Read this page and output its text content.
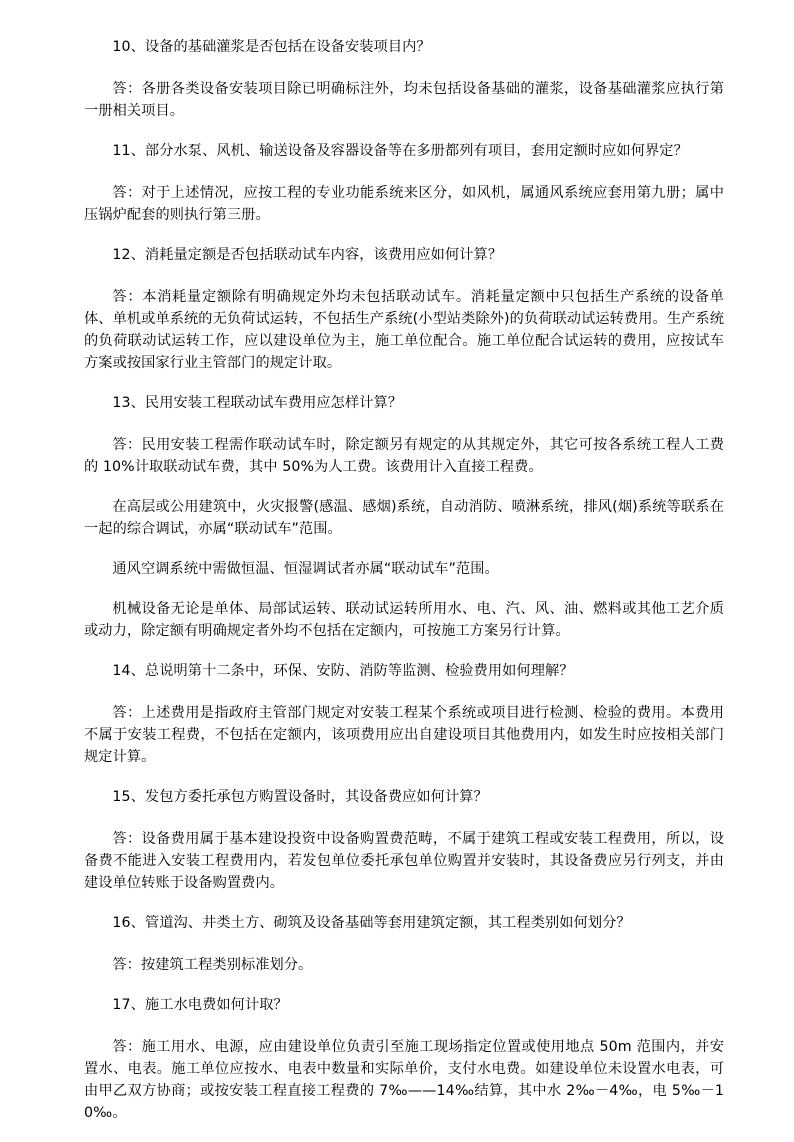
10、设备的基础灌浆是否包括在设备安装项目内？

答：各册各类设备安装项目除已明确标注外，均未包括设备基础的灌浆，设备基础灌浆应执行第一册相关项目。

11、部分水泵、风机、输送设备及容器设备等在多册都列有项目，套用定额时应如何界定？

答：对于上述情况，应按工程的专业功能系统来区分，如风机，属通风系统应套用第九册；属中压锅炉配套的则执行第三册。

12、消耗量定额是否包括联动试车内容，该费用应如何计算？

答：本消耗量定额除有明确规定外均未包括联动试车。消耗量定额中只包括生产系统的设备单体、单机或单系统的无负荷试运转，不包括生产系统(小型站类除外)的负荷联动试运转费用。生产系统的负荷联动试运转工作，应以建设单位为主，施工单位配合。施工单位配合试运转的费用，应按试车方案或按国家行业主管部门的规定计取。

13、民用安装工程联动试车费用应怎样计算？

答：民用安装工程需作联动试车时，除定额另有规定的从其规定外，其它可按各系统工程人工费的 10%计取联动试车费，其中 50%为人工费。该费用计入直接工程费。

在高层或公用建筑中，火灾报警(感温、感烟)系统，自动消防、喷淋系统，排风(烟)系统等联系在一起的综合调试，亦属“联动试车”范围。

通风空调系统中需做恒温、恒湿调试者亦属“联动试车”范围。

机械设备无论是单体、局部试运转、联动试运转所用水、电、汽、风、油、燃料或其他工艺介质或动力，除定额有明确规定者外均不包括在定额内，可按施工方案另行计算。

14、总说明第十二条中，环保、安防、消防等监测、检验费用如何理解？

答：上述费用是指政府主管部门规定对安装工程某个系统或项目进行检测、检验的费用。本费用不属于安装工程费，不包括在定额内，该项费用应出自建设项目其他费用内，如发生时应按相关部门规定计算。

15、发包方委托承包方购置设备时，其设备费应如何计算？

答：设备费用属于基本建设投资中设备购置费范畴，不属于建筑工程或安装工程费用，所以，设备费不能进入安装工程费用内，若发包单位委托承包单位购置并安装时，其设备费应另行列支，并由建设单位转账于设备购置费内。

16、管道沟、井类土方、砌筑及设备基础等套用建筑定额，其工程类别如何划分？

答：按建筑工程类别标准划分。

17、施工水电费如何计取？

答：施工用水、电源，应由建设单位负责引至施工现场指定位置或使用地点 50m 范围内，并安置水、电表。施工单位应按水、电表中数量和实际单价，支付水电费。如建设单位未设置水电表，可由甲乙双方协商；或按安装工程直接工程费的 7‰——14‰结算，其中水 2‰－4‰，电 5‰－10‰。
